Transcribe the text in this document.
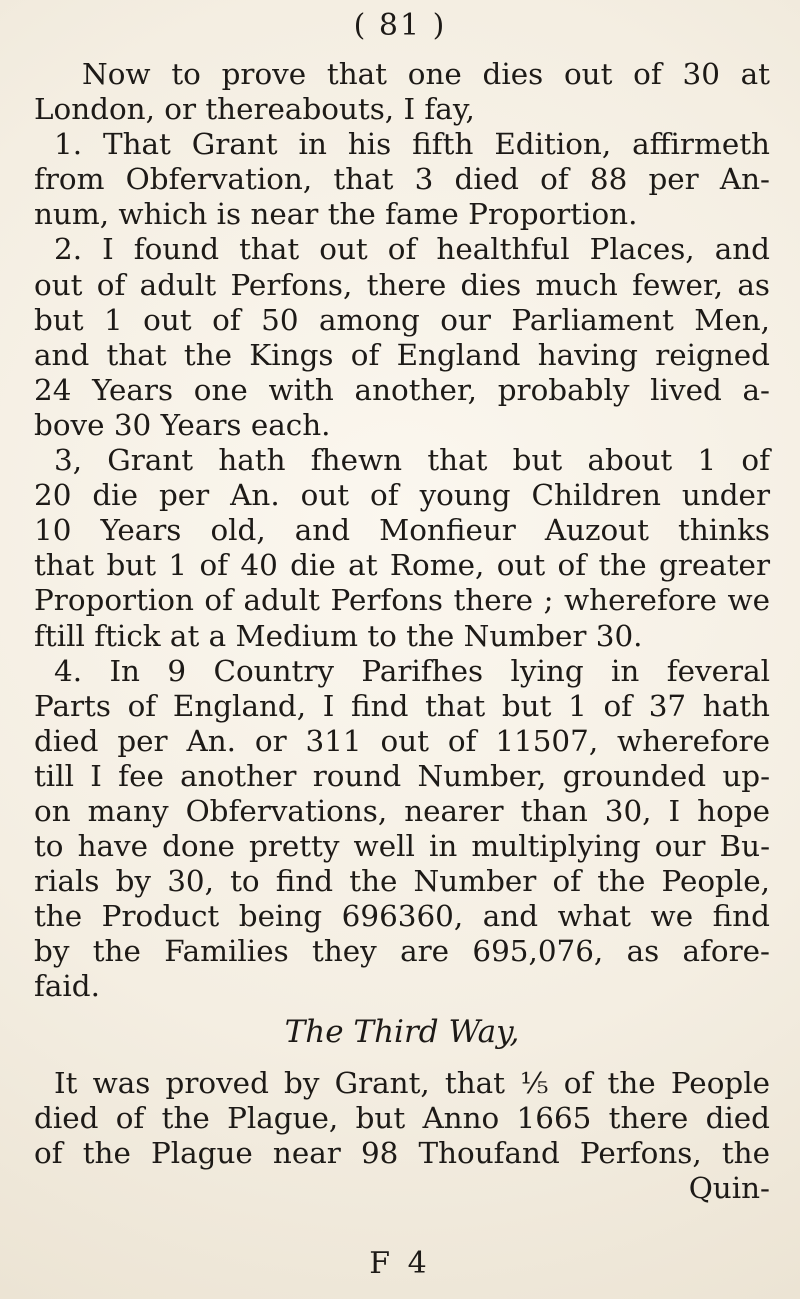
( 81 )
Now to prove that one dies out of 30 at
London, or thereabouts, I fay,
1. That Grant in his fifth Edition, affirmeth
from Obfervation, that 3 died of 88 per An-
num, which is near the fame Proportion.
2. I found that out of healthful Places, and
out of adult Perfons, there dies much fewer, as
but 1 out of 50 among our Parliament Men,
and that the Kings of England having reigned
24 Years one with another, probably lived a-
bove 30 Years each.
3, Grant hath fhewn that but about 1 of
20 die per An. out of young Children under
10 Years old, and Monfieur Auzout thinks
that but 1 of 40 die at Rome, out of the greater
Proportion of adult Perfons there ; wherefore we
ftill ftick at a Medium to the Number 30.
4. In 9 Country Parifhes lying in feveral
Parts of England, I find that but 1 of 37 hath
died per An. or 311 out of 11507, wherefore
till I fee another round Number, grounded up-
on many Obfervations, nearer than 30, I hope
to have done pretty well in multiplying our Bu-
rials by 30, to find the Number of the People,
the Product being 696360, and what we find
by the Families they are 695,076, as afore-
faid.
The Third Way,
It was proved by Grant, that ⅕ of the People
died of the Plague, but Anno 1665 there died
of the Plague near 98 Thoufand Perfons, the
Quin-
F 4
